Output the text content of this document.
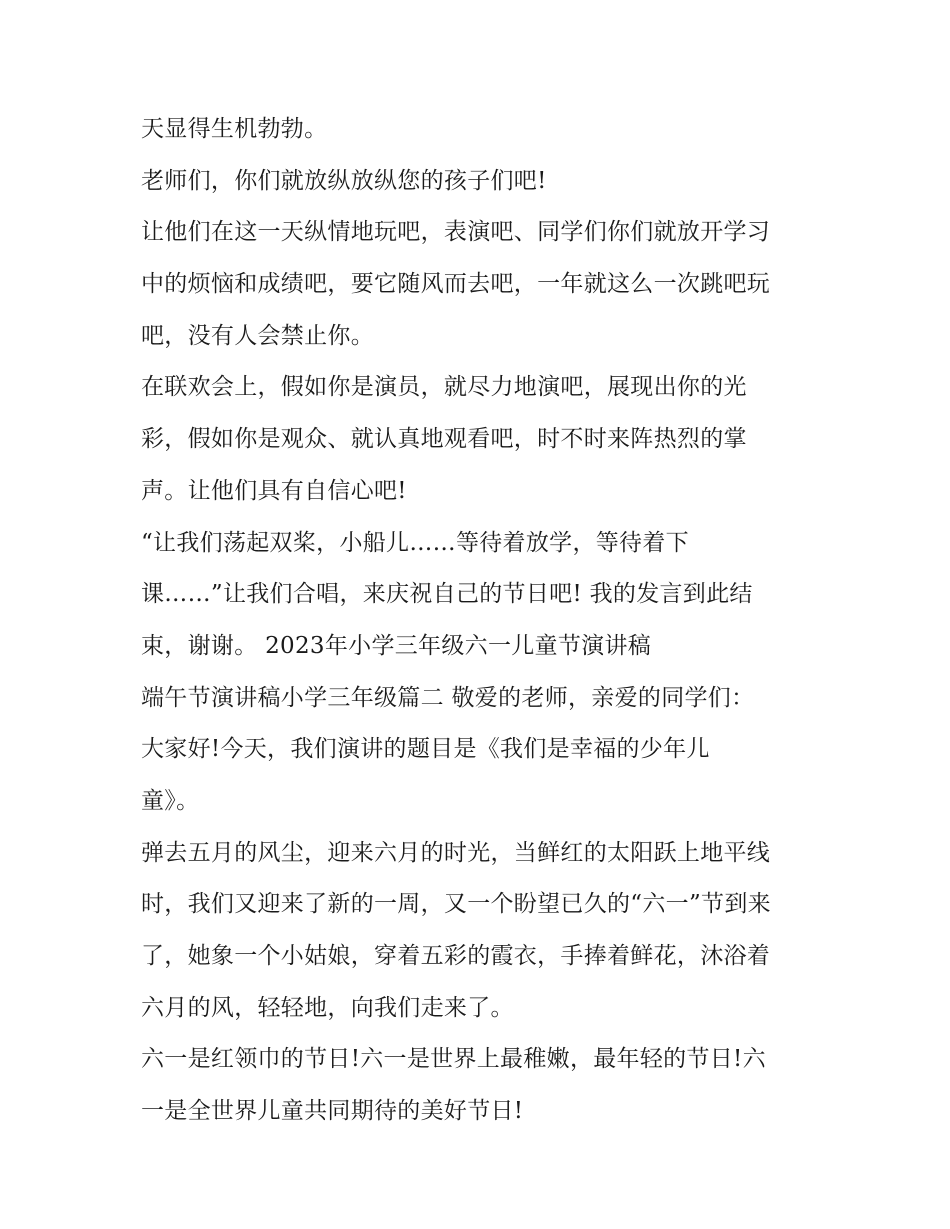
天显得生机勃勃。
老师们，你们就放纵放纵您的孩子们吧!
让他们在这一天纵情地玩吧，表演吧、同学们你们就放开学习
中的烦恼和成绩吧，要它随风而去吧，一年就这么一次跳吧玩
吧，没有人会禁止你。
在联欢会上，假如你是演员，就尽力地演吧，展现出你的光
彩，假如你是观众、就认真地观看吧，时不时来阵热烈的掌
声。让他们具有自信心吧!
“让我们荡起双桨，小船儿……等待着放学，等待着下
课……”让我们合唱，来庆祝自己的节日吧! 我的发言到此结
束，谢谢。 2023年小学三年级六一儿童节演讲稿
端午节演讲稿小学三年级篇二 敬爱的老师，亲爱的同学们：
大家好!今天，我们演讲的题目是《我们是幸福的少年儿
童》。
弹去五月的风尘，迎来六月的时光，当鲜红的太阳跃上地平线
时，我们又迎来了新的一周，又一个盼望已久的“六一”节到来
了，她象一个小姑娘，穿着五彩的霞衣，手捧着鲜花，沐浴着
六月的风，轻轻地，向我们走来了。
六一是红领巾的节日!六一是世界上最稚嫩，最年轻的节日!六
一是全世界儿童共同期待的美好节日!
